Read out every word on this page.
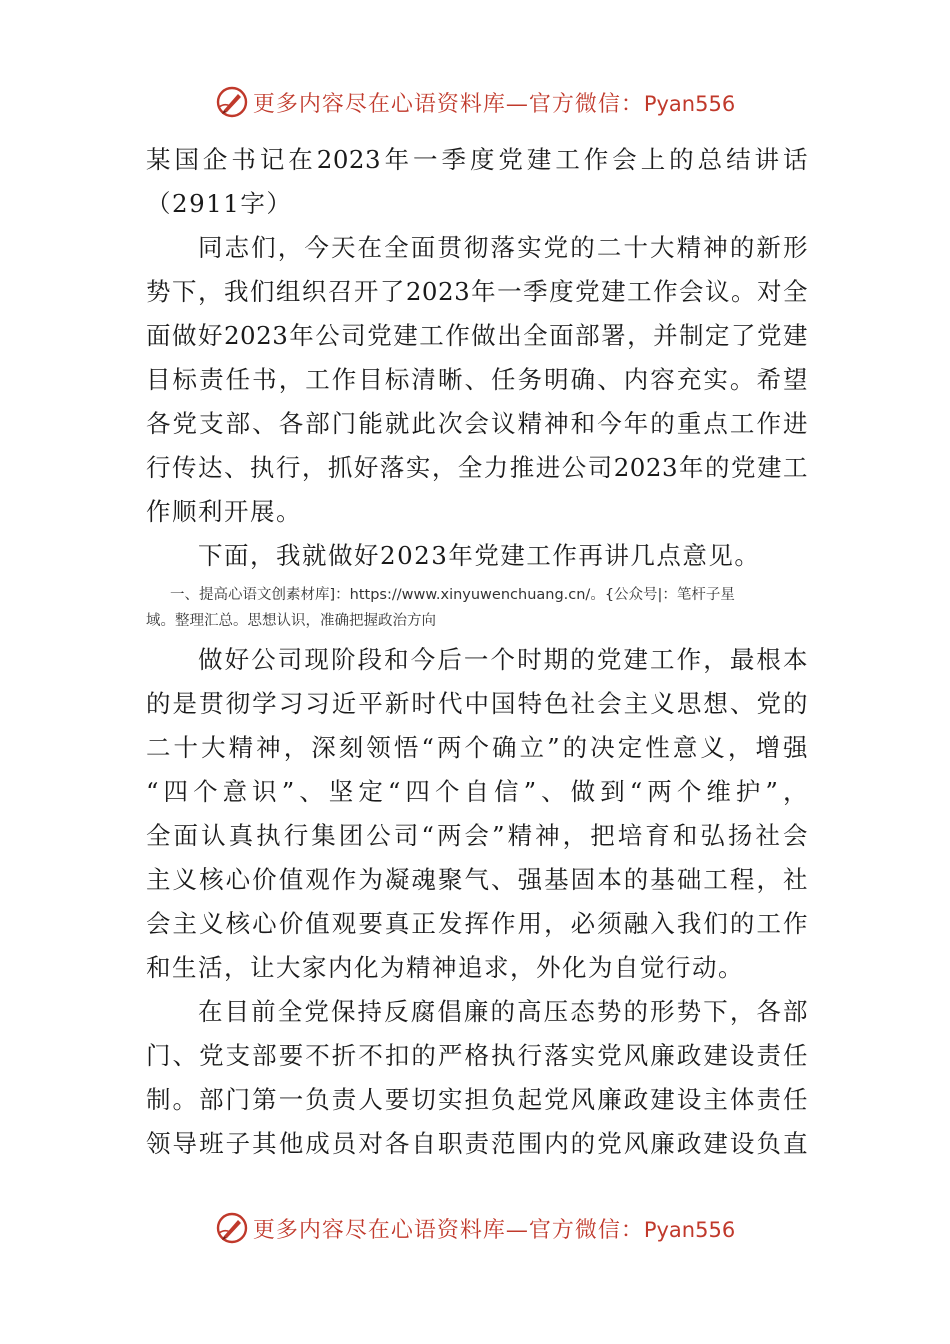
更多内容尽在心语资料库—官方微信：Pyan556
某国企书记在2023年一季度党建工作会上的总结讲话
（2911字）
同志们，今天在全面贯彻落实党的二十大精神的新形
势下，我们组织召开了2023年一季度党建工作会议。对全
面做好2023年公司党建工作做出全面部署，并制定了党建
目标责任书，工作目标清晰、任务明确、内容充实。希望
各党支部、各部门能就此次会议精神和今年的重点工作进
行传达、执行，抓好落实，全力推进公司2023年的党建工
作顺利开展。
下面，我就做好2023年党建工作再讲几点意见。
一、提高心语文创素材库]：https://www.xinyuwenchuang.cn/。{公众号|：笔杆子星
域。整理汇总。思想认识，准确把握政治方向
做好公司现阶段和今后一个时期的党建工作，最根本
的是贯彻学习习近平新时代中国特色社会主义思想、党的
二十大精神，深刻领悟“两个确立”的决定性意义，增强
“四个意识”、坚定“四个自信”、做到“两个维护”，
全面认真执行集团公司“两会”精神，把培育和弘扬社会
主义核心价值观作为凝魂聚气、强基固本的基础工程，社
会主义核心价值观要真正发挥作用，必须融入我们的工作
和生活，让大家内化为精神追求，外化为自觉行动。
在目前全党保持反腐倡廉的高压态势的形势下，各部
门、党支部要不折不扣的严格执行落实党风廉政建设责任
制。部门第一负责人要切实担负起党风廉政建设主体责任
领导班子其他成员对各自职责范围内的党风廉政建设负直
更多内容尽在心语资料库—官方微信：Pyan556
